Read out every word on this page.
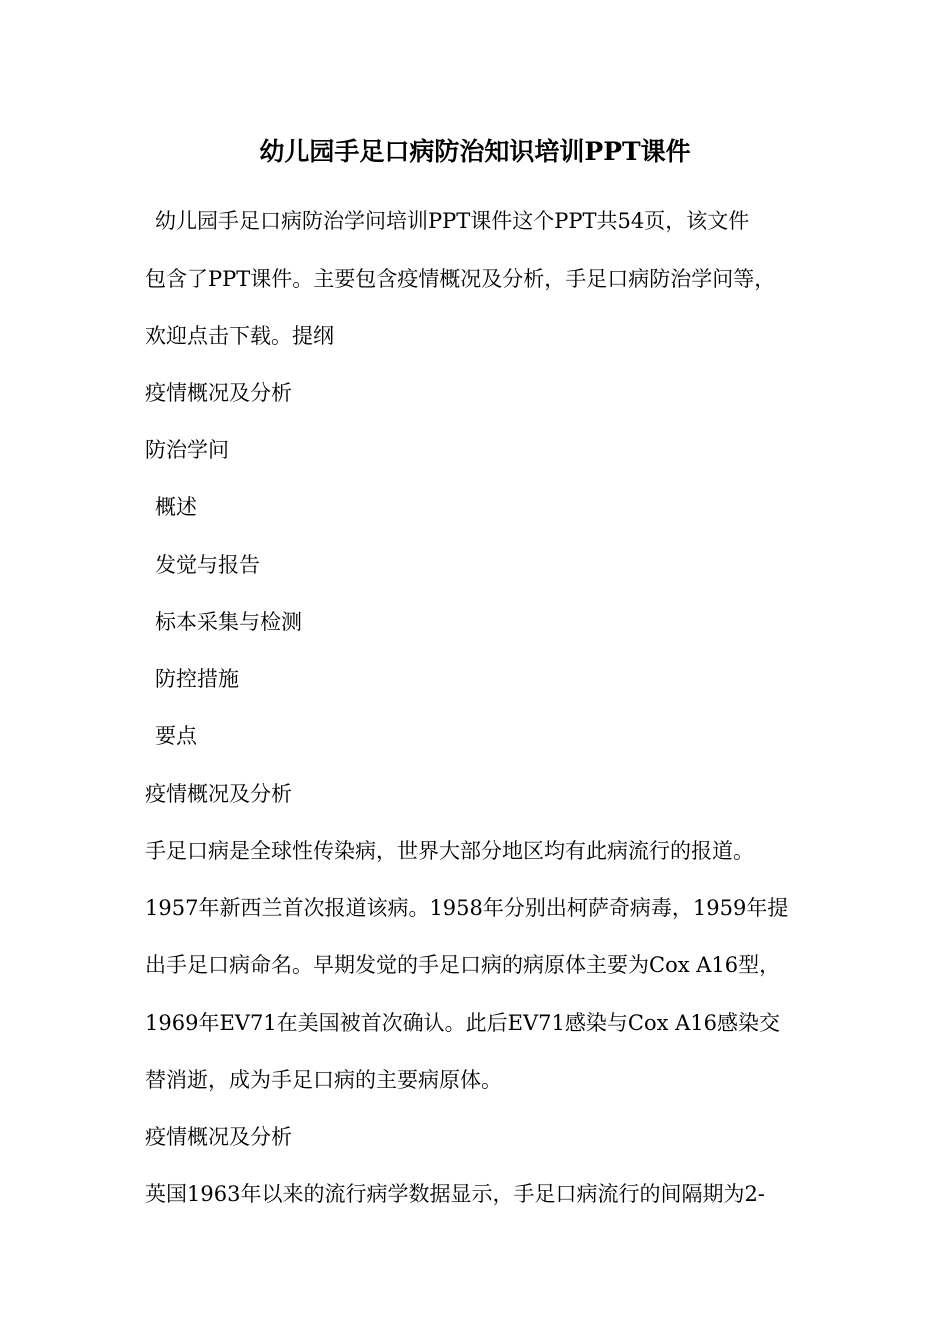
幼儿园手足口病防治知识培训PPT课件
幼儿园手足口病防治学问培训PPT课件这个PPT共54页，该文件
包含了PPT课件。主要包含疫情概况及分析，手足口病防治学问等，
欢迎点击下载。提纲
疫情概况及分析
防治学问
概述
发觉与报告
标本采集与检测
防控措施
要点
疫情概况及分析
手足口病是全球性传染病，世界大部分地区均有此病流行的报道。
1957年新西兰首次报道该病。1958年分别出柯萨奇病毒，1959年提
出手足口病命名。早期发觉的手足口病的病原体主要为Cox A16型，
1969年EV71在美国被首次确认。此后EV71感染与Cox A16感染交
替消逝，成为手足口病的主要病原体。
疫情概况及分析
英国1963年以来的流行病学数据显示，手足口病流行的间隔期为2-
